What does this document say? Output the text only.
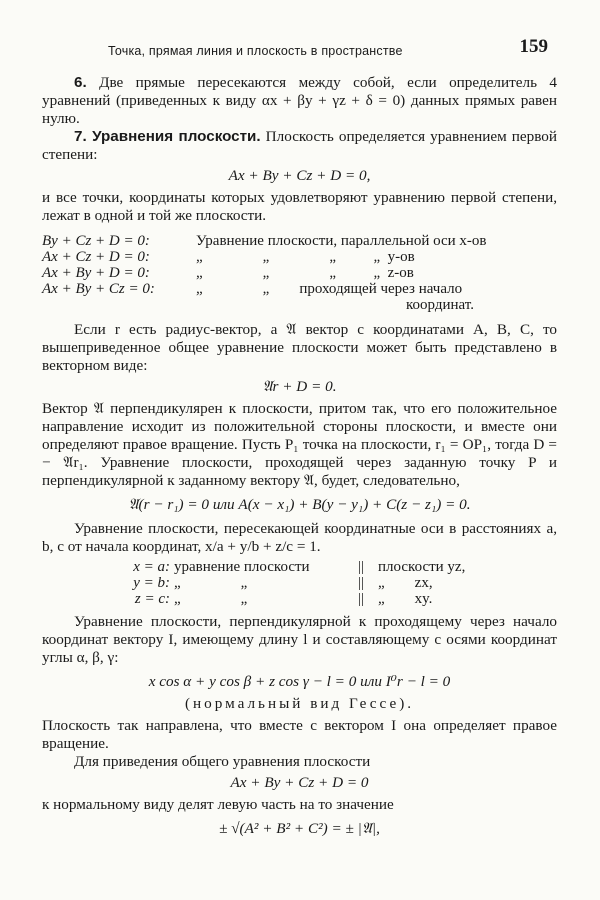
Точка, прямая линия и плоскость в пространстве	159

6. Две прямые пересекаются между собой, если определитель 4 уравнений (приведенных к виду αx + βy + γz + δ = 0) данных прямых равен нулю.

7. Уравнения плоскости. Плоскость определяется уравнением первой степени:

Ax + By + Cz + D = 0,

и все точки, координаты которых удовлетворяют уравнению первой степени, лежат в одной и той же плоскости.

By + Cz + D = 0:	Уравнение плоскости, параллельной оси x-ов
Ax + Cz + D = 0:	„                „                „          „  y-ов
Ax + By + D = 0:	„                „                „          „  z-ов
Ax + By + Cz = 0:	„                „        проходящей через начало
	координат.

Если r есть радиус-вектор, а 𝔄 вектор с координатами A, B, C, то вышеприведенное общее уравнение плоскости может быть представлено в векторном виде:

𝔄r + D = 0.

Вектор 𝔄 перпендикулярен к плоскости, притом так, что его положительное направление исходит из положительной стороны плоскости, и вместе они определяют правое вращение. Пусть P₁ точка на плоскости, r₁ = OP₁, тогда D = − 𝔄r₁. Уравнение плоскости, проходящей через заданную точку P и перпендикулярной к заданному вектору 𝔄, будет, следовательно,

𝔄(r − r₁) = 0 или A(x − x₁) + B(y − y₁) + C(z − z₁) = 0.

Уравнение плоскости, пересекающей координатные оси в расстояниях a, b, c от начала координат, x/a + y/b + z/c = 1.

x = a:	уравнение плоскости	||	плоскости yz,
y = b:	„                „	||	„        zx,
z = c:	„                „	||	„        xy.

Уравнение плоскости, перпендикулярной к проходящему через начало координат вектору I, имеющему длину l и составляющему с осями координат углы α, β, γ:

x cos α + y cos β + z cos γ − l = 0 или I⁰r − l = 0
(нормальный вид Гессе).

Плоскость так направлена, что вместе с вектором I она определяет правое вращение.

Для приведения общего уравнения плоскости

Ax + By + Cz + D = 0

к нормальному виду делят левую часть на то значение

± √(A² + B² + C²) = ± |𝔄|,
